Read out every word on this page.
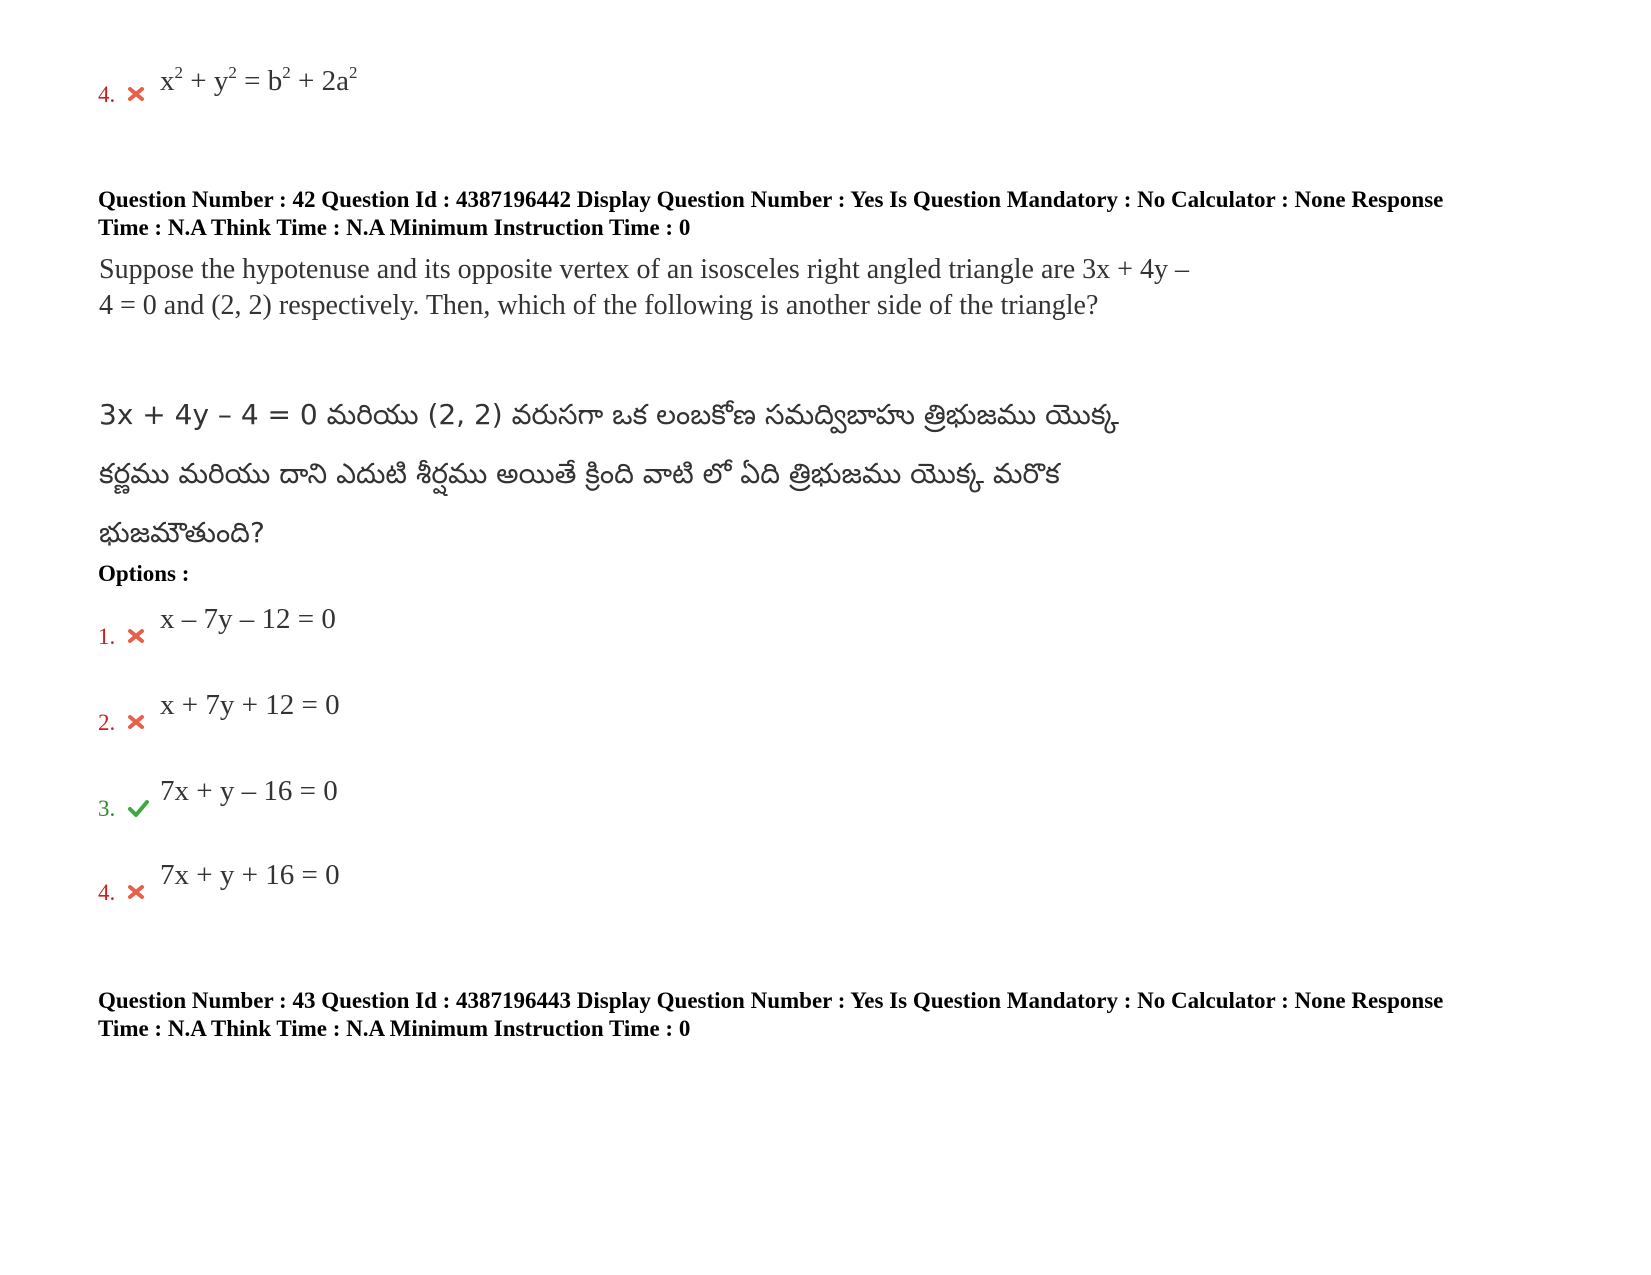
4. $x^2 + y^2 = b^2 + 2a^2$
Question Number : 42 Question Id : 4387196442 Display Question Number : Yes Is Question Mandatory : No Calculator : None Response
Time : N.A Think Time : N.A Minimum Instruction Time : 0
Suppose the hypotenuse and its opposite vertex of an isosceles right angled triangle are 3x + 4y – 4 = 0 and (2, 2) respectively. Then, which of the following is another side of the triangle?
3x + 4y – 4 = 0 మరియు (2, 2) వరుసగా ఒక లంబకోణ సమద్విబాహు త్రిభుజము యొక్క
కర్ణము మరియు దాని ఎదుటి శీర్షము అయితే క్రింది వాటి లో ఏది త్రిభుజము యొక్క మరొక
భుజమౌతుంది?
Options :
1.
x – 7y – 12 = 0
2.
x + 7y + 12 = 0
3.
7x + y – 16 = 0
4.
7x + y + 16 = 0
Question Number : 43 Question Id : 4387196443 Display Question Number : Yes Is Question Mandatory : No Calculator : None Response
Time : N.A Think Time : N.A Minimum Instruction Time : 0
